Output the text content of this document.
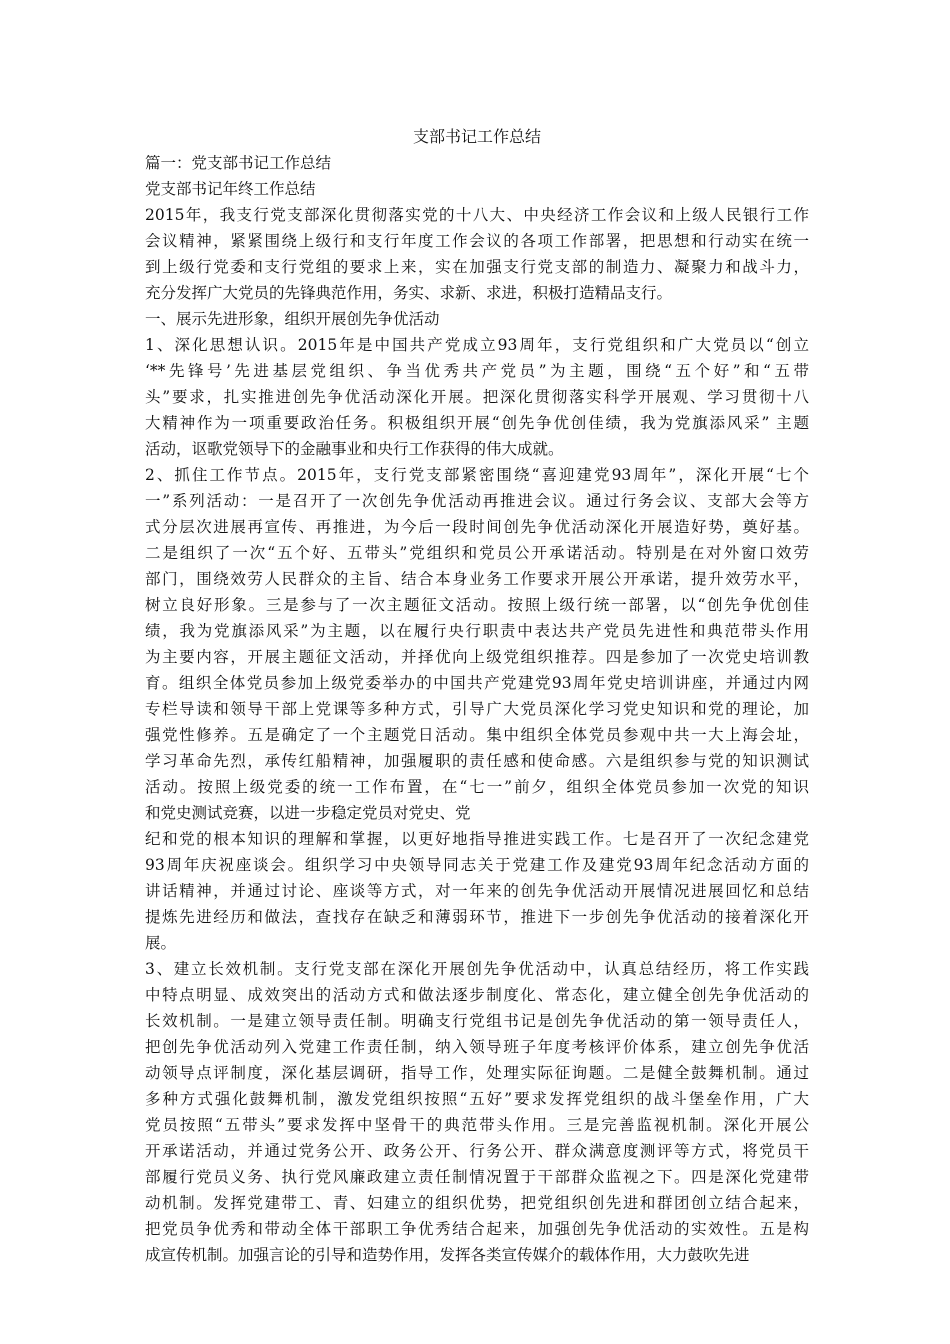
支部书记工作总结

篇一：党支部书记工作总结

党支部书记年终工作总结

2015年，我支行党支部深化贯彻落实党的十八大、中央经济工作会议和上级人民银行工作

会议精神，紧紧围绕上级行和支行年度工作会议的各项工作部署，把思想和行动实在统一

到上级行党委和支行党组的要求上来，实在加强支行党支部的制造力、凝聚力和战斗力，

充分发挥广大党员的先锋典范作用，务实、求新、求进，积极打造精品支行。

一、展示先进形象，组织开展创先争优活动

1、深化思想认识。2015年是中国共产党成立93周年，支行党组织和广大党员以“创立

‘**先锋号’先进基层党组织、争当优秀共产党员”为主题，围绕“五个好”和“五带

头”要求，扎实推进创先争优活动深化开展。把深化贯彻落实科学开展观、学习贯彻十八

大精神作为一项重要政治任务。积极组织开展“创先争优创佳绩，我为党旗添风采” 主题

活动，讴歌党领导下的金融事业和央行工作获得的伟大成就。

2、抓住工作节点。2015年，支行党支部紧密围绕“喜迎建党93周年”，深化开展“七个

一”系列活动：一是召开了一次创先争优活动再推进会议。通过行务会议、支部大会等方

式分层次进展再宣传、再推进，为今后一段时间创先争优活动深化开展造好势，奠好基。

二是组织了一次“五个好、五带头”党组织和党员公开承诺活动。特别是在对外窗口效劳

部门，围绕效劳人民群众的主旨、结合本身业务工作要求开展公开承诺，提升效劳水平，

树立良好形象。三是参与了一次主题征文活动。按照上级行统一部署，以“创先争优创佳

绩，我为党旗添风采”为主题，以在履行央行职责中表达共产党员先进性和典范带头作用

为主要内容，开展主题征文活动，并择优向上级党组织推荐。四是参加了一次党史培训教

育。组织全体党员参加上级党委举办的中国共产党建党93周年党史培训讲座，并通过内网

专栏导读和领导干部上党课等多种方式，引导广大党员深化学习党史知识和党的理论，加

强党性修养。五是确定了一个主题党日活动。集中组织全体党员参观中共一大上海会址，

学习革命先烈，承传红船精神，加强履职的责任感和使命感。六是组织参与党的知识测试

活动。按照上级党委的统一工作布置，在“七一”前夕，组织全体党员参加一次党的知识

和党史测试竞赛，以进一步稳定党员对党史、党

纪和党的根本知识的理解和掌握，以更好地指导推进实践工作。七是召开了一次纪念建党

93周年庆祝座谈会。组织学习中央领导同志关于党建工作及建党93周年纪念活动方面的

讲话精神，并通过讨论、座谈等方式，对一年来的创先争优活动开展情况进展回忆和总结

提炼先进经历和做法，查找存在缺乏和薄弱环节，推进下一步创先争优活动的接着深化开

展。

3、建立长效机制。支行党支部在深化开展创先争优活动中，认真总结经历，将工作实践

中特点明显、成效突出的活动方式和做法逐步制度化、常态化，建立健全创先争优活动的

长效机制。一是建立领导责任制。明确支行党组书记是创先争优活动的第一领导责任人，

把创先争优活动列入党建工作责任制，纳入领导班子年度考核评价体系，建立创先争优活

动领导点评制度，深化基层调研，指导工作，处理实际征询题。二是健全鼓舞机制。通过

多种方式强化鼓舞机制，激发党组织按照“五好”要求发挥党组织的战斗堡垒作用，广大

党员按照“五带头”要求发挥中坚骨干的典范带头作用。三是完善监视机制。深化开展公

开承诺活动，并通过党务公开、政务公开、行务公开、群众满意度测评等方式，将党员干

部履行党员义务、执行党风廉政建立责任制情况置于干部群众监视之下。四是深化党建带

动机制。发挥党建带工、青、妇建立的组织优势，把党组织创先进和群团创立结合起来，

把党员争优秀和带动全体干部职工争优秀结合起来，加强创先争优活动的实效性。五是构

成宣传机制。加强言论的引导和造势作用，发挥各类宣传媒介的载体作用，大力鼓吹先进
